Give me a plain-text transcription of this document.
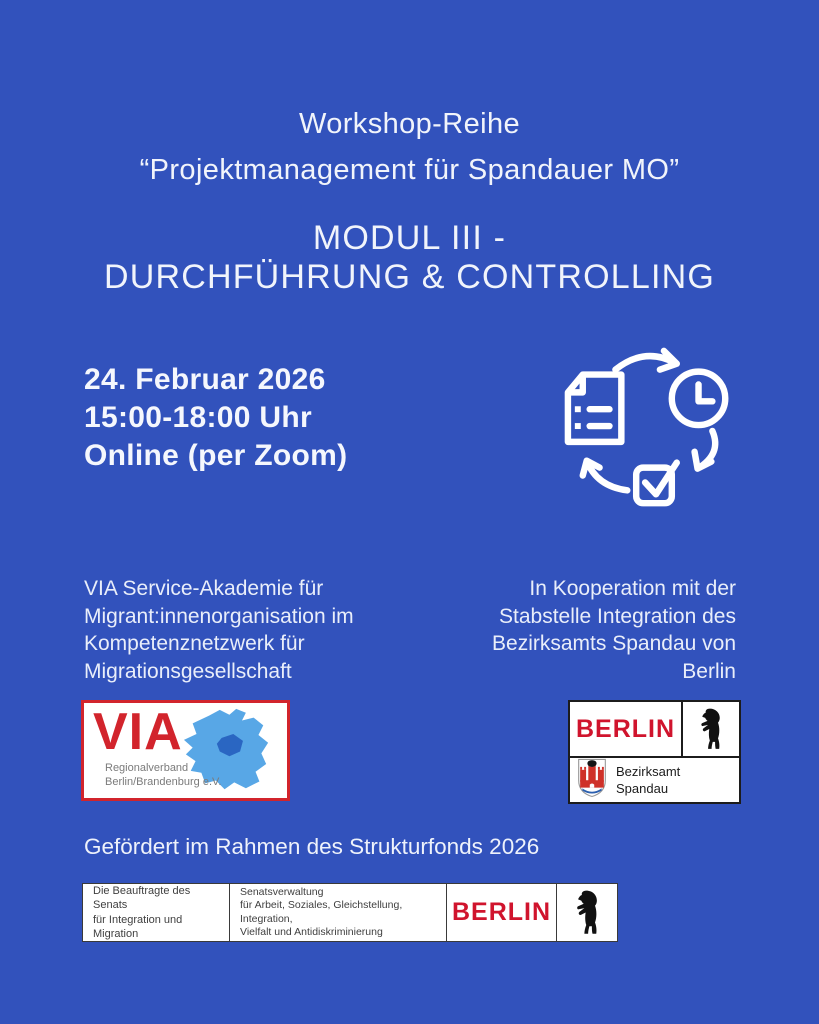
Workshop-Reihe
“Projektmanagement für Spandauer MO”
MODUL III -
DURCHFÜHRUNG & CONTROLLING
24. Februar 2026
15:00-18:00 Uhr
Online (per Zoom)
VIA Service-Akademie für
Migrant:innenorganisation im
Kompetenznetzwerk für
Migrationsgesellschaft
In Kooperation mit der
Stabstelle Integration des
Bezirksamts Spandau von
Berlin
VIA
Regionalverband
Berlin/Brandenburg e.V.
BERLIN
Bezirksamt
Spandau
Gefördert im Rahmen des Strukturfonds 2026
Die Beauftragte des Senats
für Integration und Migration
Senatsverwaltung
für Arbeit, Soziales, Gleichstellung, Integration,
Vielfalt und Antidiskriminierung
BERLIN
